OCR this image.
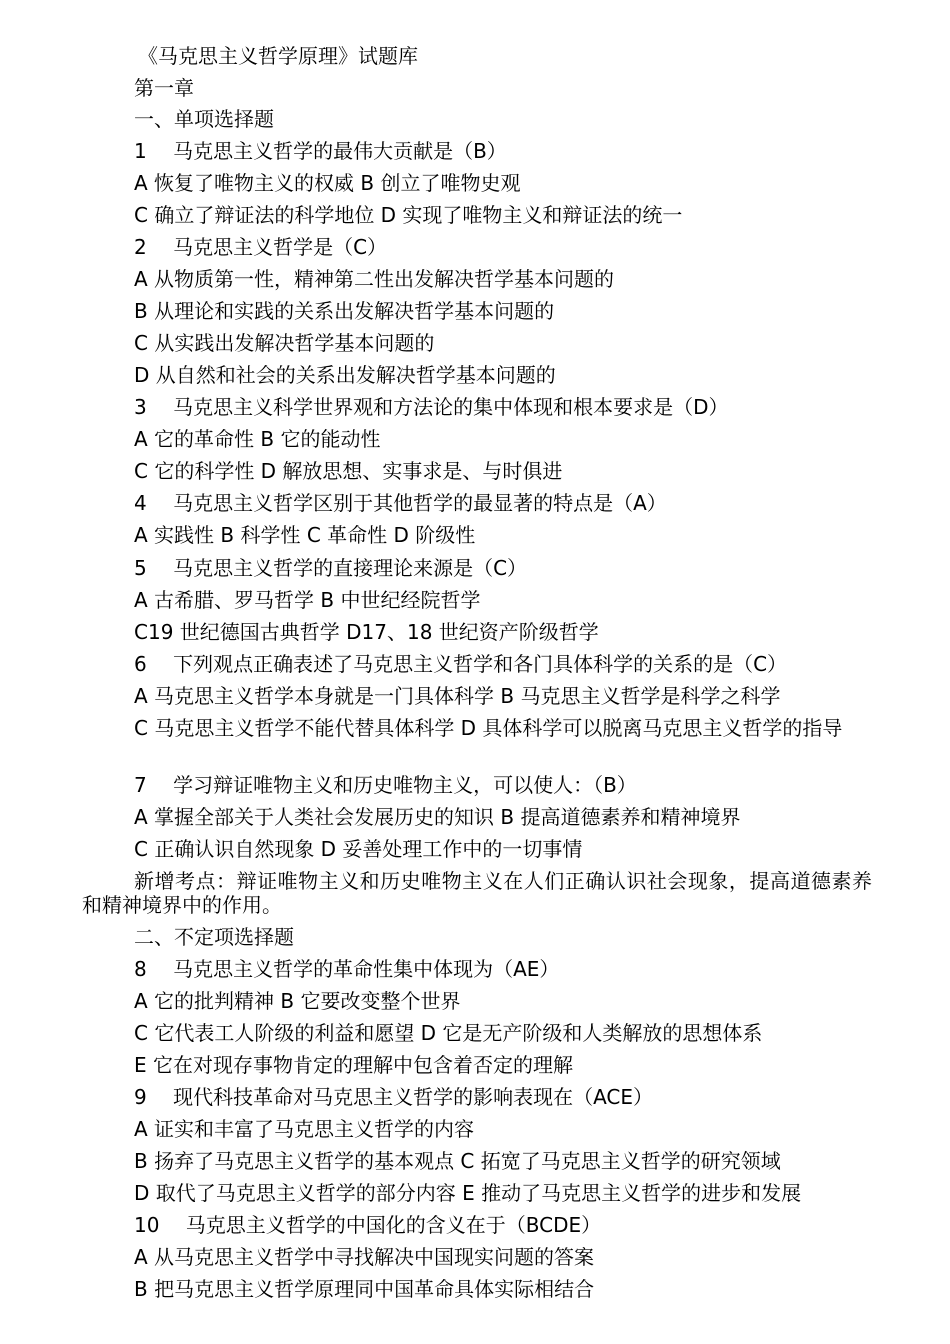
《马克思主义哲学原理》试题库
第一章
一、单项选择题
1　 马克思主义哲学的最伟大贡献是（B）
A 恢复了唯物主义的权威 B 创立了唯物史观
C 确立了辩证法的科学地位 D 实现了唯物主义和辩证法的统一
2　 马克思主义哲学是（C）
A 从物质第一性，精神第二性出发解决哲学基本问题的
B 从理论和实践的关系出发解决哲学基本问题的
C 从实践出发解决哲学基本问题的
D 从自然和社会的关系出发解决哲学基本问题的
3　 马克思主义科学世界观和方法论的集中体现和根本要求是（D）
A 它的革命性 B 它的能动性
C 它的科学性 D 解放思想、实事求是、与时俱进
4　 马克思主义哲学区别于其他哲学的最显著的特点是（A）
A 实践性 B 科学性 C 革命性 D 阶级性
5　 马克思主义哲学的直接理论来源是（C）
A 古希腊、罗马哲学 B 中世纪经院哲学
C19 世纪德国古典哲学 D17、18 世纪资产阶级哲学
6　 下列观点正确表述了马克思主义哲学和各门具体科学的关系的是（C）
A 马克思主义哲学本身就是一门具体科学 B 马克思主义哲学是科学之科学
C 马克思主义哲学不能代替具体科学 D 具体科学可以脱离马克思主义哲学的指导
7　 学习辩证唯物主义和历史唯物主义，可以使人：（B）
A 掌握全部关于人类社会发展历史的知识 B 提高道德素养和精神境界
C 正确认识自然现象 D 妥善处理工作中的一切事情
新增考点：辩证唯物主义和历史唯物主义在人们正确认识社会现象，提高道德素养和精神境界中的作用。
二、不定项选择题
8　 马克思主义哲学的革命性集中体现为（AE）
A 它的批判精神 B 它要改变整个世界
C 它代表工人阶级的利益和愿望 D 它是无产阶级和人类解放的思想体系
E 它在对现存事物肯定的理解中包含着否定的理解
9　 现代科技革命对马克思主义哲学的影响表现在（ACE）
A 证实和丰富了马克思主义哲学的内容
B 扬弃了马克思主义哲学的基本观点 C 拓宽了马克思主义哲学的研究领域
D 取代了马克思主义哲学的部分内容 E 推动了马克思主义哲学的进步和发展
10　 马克思主义哲学的中国化的含义在于（BCDE）
A 从马克思主义哲学中寻找解决中国现实问题的答案
B 把马克思主义哲学原理同中国革命具体实际相结合
